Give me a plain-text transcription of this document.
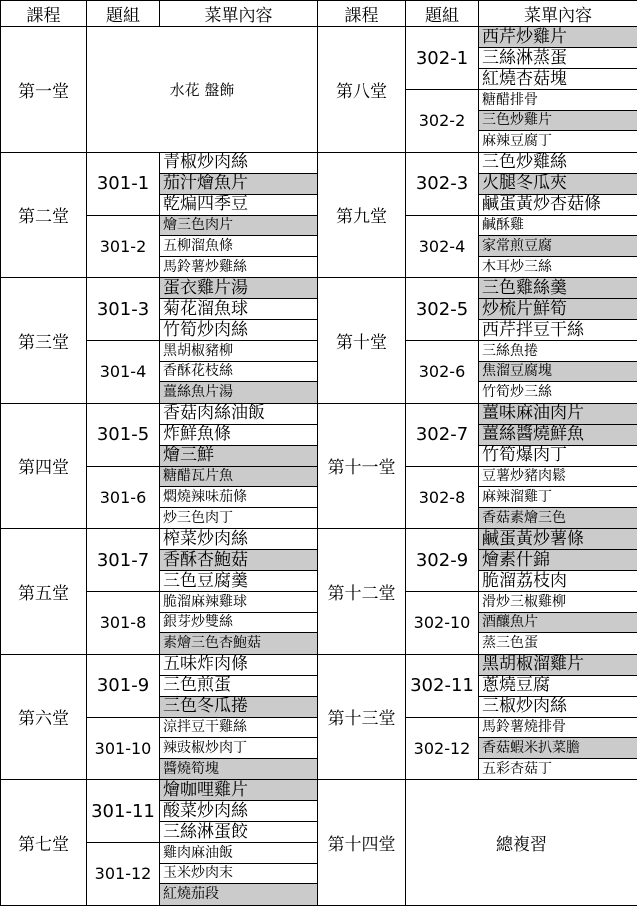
課程	題組	菜單內容	課程	題組	菜單內容
第一堂	水花 盤飾		第八堂	302-1	西芹炒雞片
					三絲淋蒸蛋
					紅燒杏菇塊
				302-2	糖醋排骨
					三色炒雞片
					麻辣豆腐丁
第二堂	301-1	青椒炒肉絲	第九堂	302-3	三色炒雞絲
		茄汁燴魚片			火腿冬瓜夾
		乾煸四季豆			鹹蛋黃炒杏菇條
	301-2	燴三色肉片		302-4	鹹酥雞
		五柳溜魚條			家常煎豆腐
		馬鈴薯炒雞絲			木耳炒三絲
第三堂	301-3	蛋衣雞片湯	第十堂	302-5	三色雞絲羹
		菊花溜魚球			炒梳片鮮筍
		竹筍炒肉絲			西芹拌豆干絲
	301-4	黑胡椒豬柳		302-6	三絲魚捲
		香酥花枝絲			焦溜豆腐塊
		薑絲魚片湯			竹筍炒三絲
第四堂	301-5	香菇肉絲油飯	第十一堂	302-7	薑味麻油肉片
		炸鮮魚條			薑絲醬燒鮮魚
		燴三鮮			竹筍爆肉丁
	301-6	糖醋瓦片魚		302-8	豆薯炒豬肉鬆
		燜燒辣味茄條			麻辣溜雞丁
		炒三色肉丁			香菇素燴三色
第五堂	301-7	榨菜炒肉絲	第十二堂	302-9	鹹蛋黃炒薯條
		香酥杏鮑菇			燴素什錦
		三色豆腐羹			脆溜荔枝肉
	301-8	脆溜麻辣雞球		302-10	滑炒三椒雞柳
		銀芽炒雙絲			酒釀魚片
		素燴三色杏鮑菇			蒸三色蛋
第六堂	301-9	五味炸肉條	第十三堂	302-11	黑胡椒溜雞片
		三色煎蛋			蔥燒豆腐
		三色冬瓜捲			三椒炒肉絲
	301-10	涼拌豆干雞絲		302-12	馬鈴薯燒排骨
		辣豉椒炒肉丁			香菇蝦米扒菜膽
		醬燒筍塊			五彩杏菇丁
第七堂	301-11	燴咖哩雞片	第十四堂	總複習	
		酸菜炒肉絲			
		三絲淋蛋餃			
	301-12	雞肉麻油飯			
		玉米炒肉末			
		紅燒茄段			
